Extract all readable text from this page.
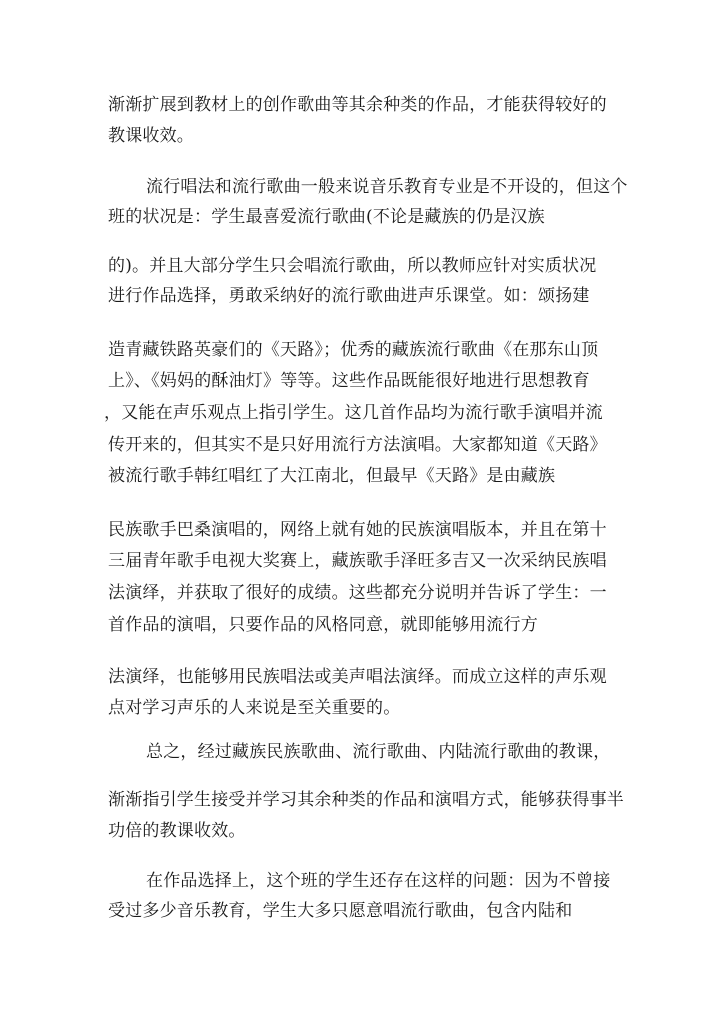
渐渐扩展到教材上的创作歌曲等其余种类的作品，才能获得较好的
教课收效。
流行唱法和流行歌曲一般来说音乐教育专业是不开设的，但这个
班的状况是：学生最喜爱流行歌曲(不论是藏族的仍是汉族
的)。并且大部分学生只会唱流行歌曲，所以教师应针对实质状况
进行作品选择，勇敢采纳好的流行歌曲进声乐课堂。如：颂扬建
造青藏铁路英豪们的《天路》；优秀的藏族流行歌曲《在那东山顶
上》、《妈妈的酥油灯》等等。这些作品既能很好地进行思想教育
，又能在声乐观点上指引学生。这几首作品均为流行歌手演唱并流
传开来的，但其实不是只好用流行方法演唱。大家都知道《天路》
被流行歌手韩红唱红了大江南北，但最早《天路》是由藏族
民族歌手巴桑演唱的，网络上就有她的民族演唱版本，并且在第十
三届青年歌手电视大奖赛上，藏族歌手泽旺多吉又一次采纳民族唱
法演绎，并获取了很好的成绩。这些都充分说明并告诉了学生：一
首作品的演唱，只要作品的风格同意，就即能够用流行方
法演绎，也能够用民族唱法或美声唱法演绎。而成立这样的声乐观
点对学习声乐的人来说是至关重要的。
总之，经过藏族民族歌曲、流行歌曲、内陆流行歌曲的教课，
渐渐指引学生接受并学习其余种类的作品和演唱方式，能够获得事半
功倍的教课收效。
在作品选择上，这个班的学生还存在这样的问题：因为不曾接
受过多少音乐教育，学生大多只愿意唱流行歌曲，包含内陆和
